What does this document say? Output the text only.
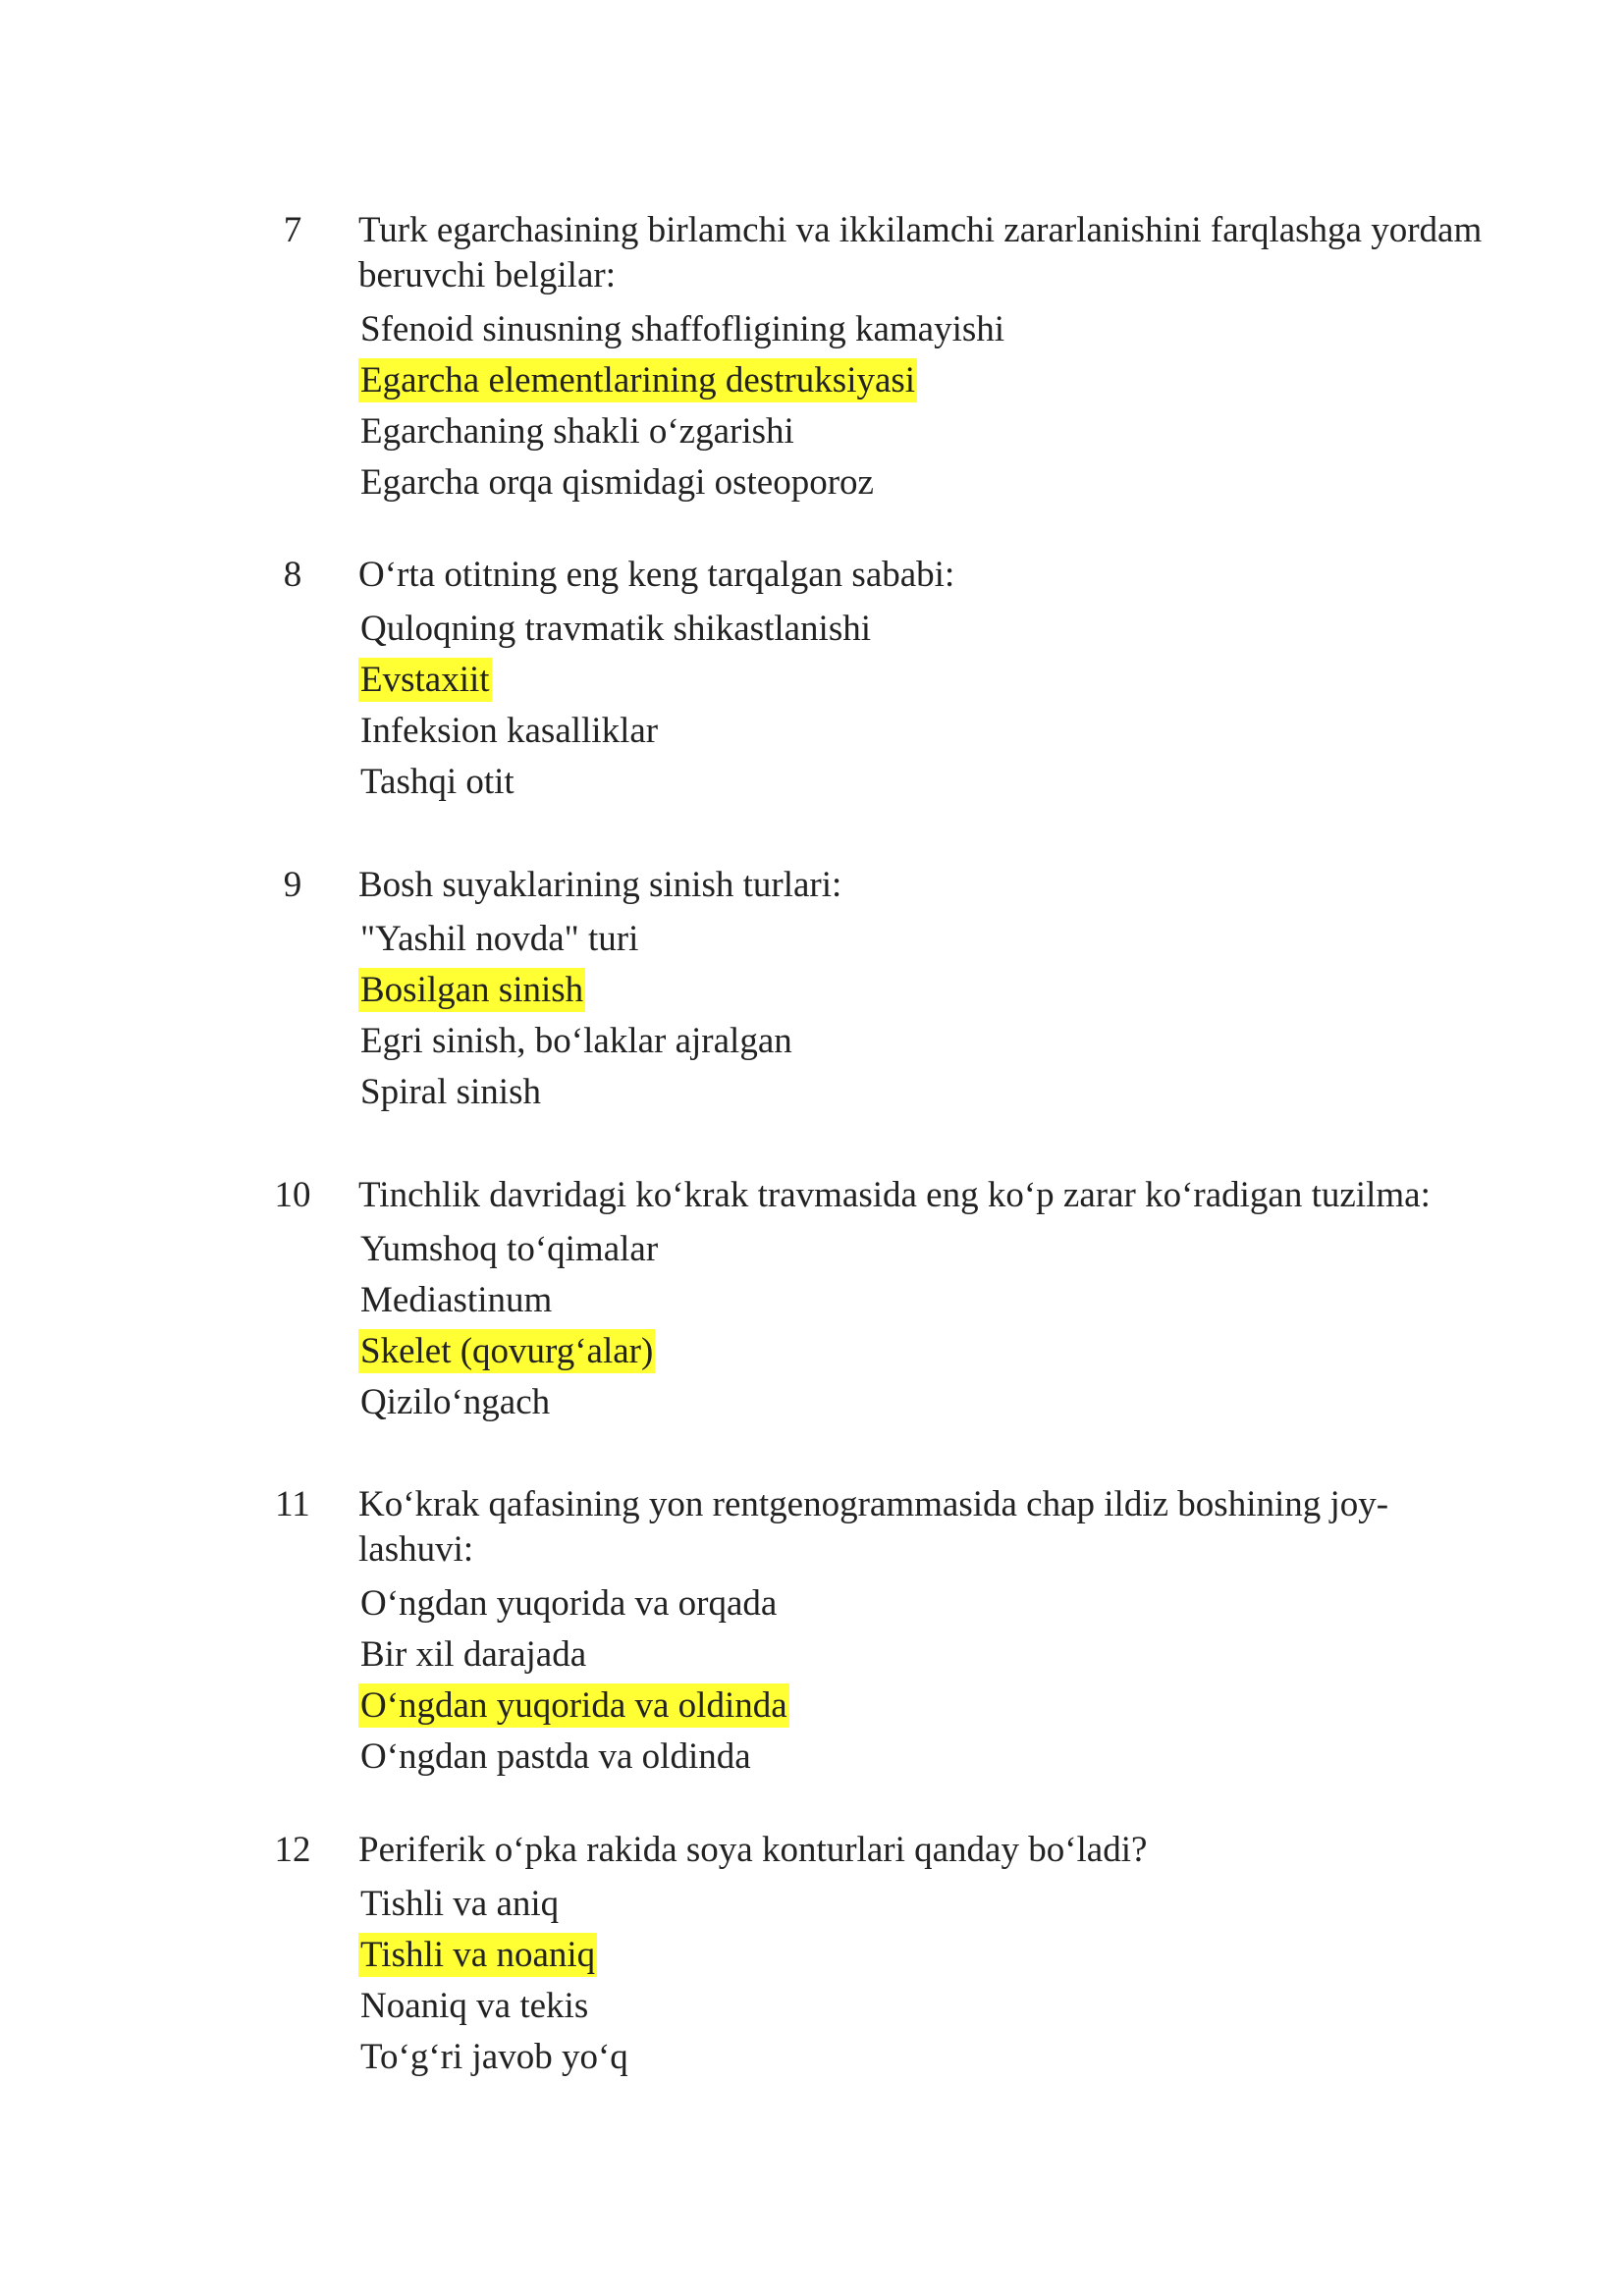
7	Turk egarchasining birlamchi va ikkilamchi zararlanishini farqlashga yordam beruvchi belgilar:

Sfenoid sinusning shaffofligining kamayishi
Egarcha elementlarining destruksiyasi
Egarchaning shakli o‘zgarishi
Egarcha orqa qismidagi osteoporoz
8	O‘rta otitning eng keng tarqalgan sababi:

Quloqning travmatik shikastlanishi
Evstaxiit
Infeksion kasalliklar
Tashqi otit
9	Bosh suyaklarining sinish turlari:

"Yashil novda" turi
Bosilgan sinish
Egri sinish, bo‘laklar ajralgan
Spiral sinish
10 Tinchlik davridagi ko‘krak travmasida eng ko‘p zarar ko‘radigan tuzilma:

Yumshoq to‘qimalar
Mediastinum
Skelet (qovurg‘alar)
Qizilo‘ngach
11 Ko‘krak qafasining yon rentgenogrammasida chap ildiz boshining joy-lashuvi:

O‘ngdan yuqorida va orqada
Bir xil darajada
O‘ngdan yuqorida va oldinda
O‘ngdan pastda va oldinda
12 Periferik o‘pka rakida soya konturlari qanday bo‘ladi?

Tishli va aniq
Tishli va noaniq
Noaniq va tekis
To‘g‘ri javob yo‘q
